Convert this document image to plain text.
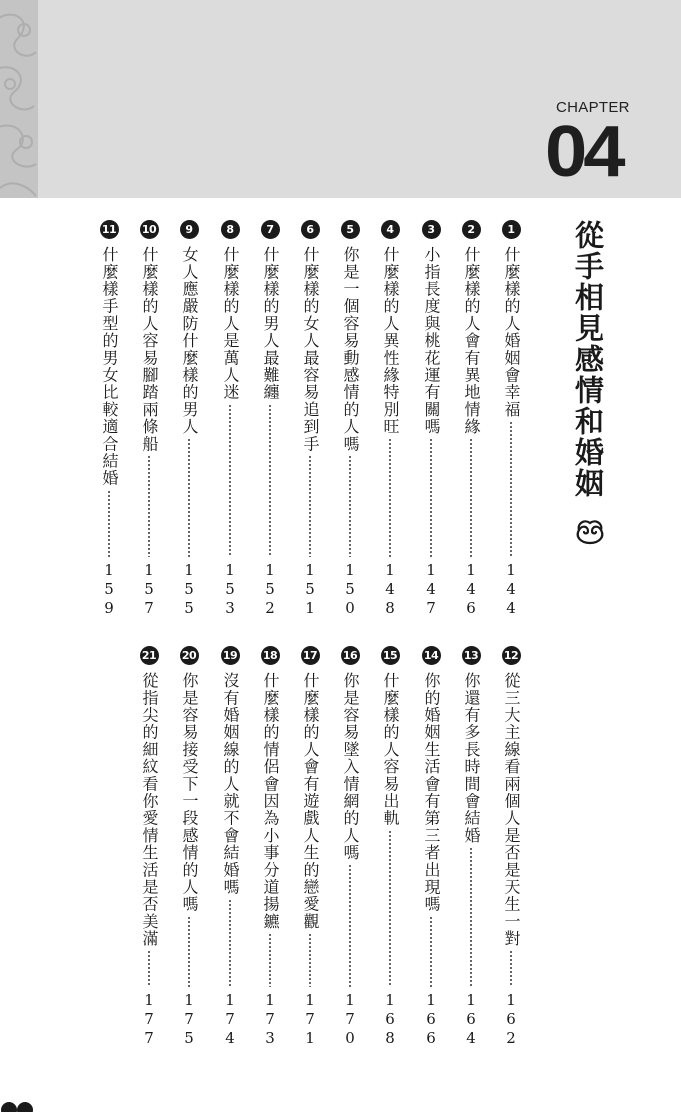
CHAPTER
04
從手相見感情和婚姻
1
什麼樣的人婚姻會幸福
144
2
什麼樣的人會有異地情緣
146
3
小指長度與桃花運有關嗎
147
4
什麼樣的人異性緣特別旺
148
5
你是一個容易動感情的人嗎
150
6
什麼樣的女人最容易追到手
151
7
什麼樣的男人最難纏
152
8
什麼樣的人是萬人迷
153
9
女人應嚴防什麼樣的男人
155
10
什麼樣的人容易腳踏兩條船
157
11
什麼樣手型的男女比較適合結婚
159
12
從三大主線看兩個人是否是天生一對
162
13
你還有多長時間會結婚
164
14
你的婚姻生活會有第三者出現嗎
166
15
什麼樣的人容易出軌
168
16
你是容易墜入情網的人嗎
170
17
什麼樣的人會有遊戲人生的戀愛觀
171
18
什麼樣的情侶會因為小事分道揚鑣
173
19
沒有婚姻線的人就不會結婚嗎
174
20
你是容易接受下一段感情的人嗎
175
21
從指尖的細紋看你愛情生活是否美滿
177
